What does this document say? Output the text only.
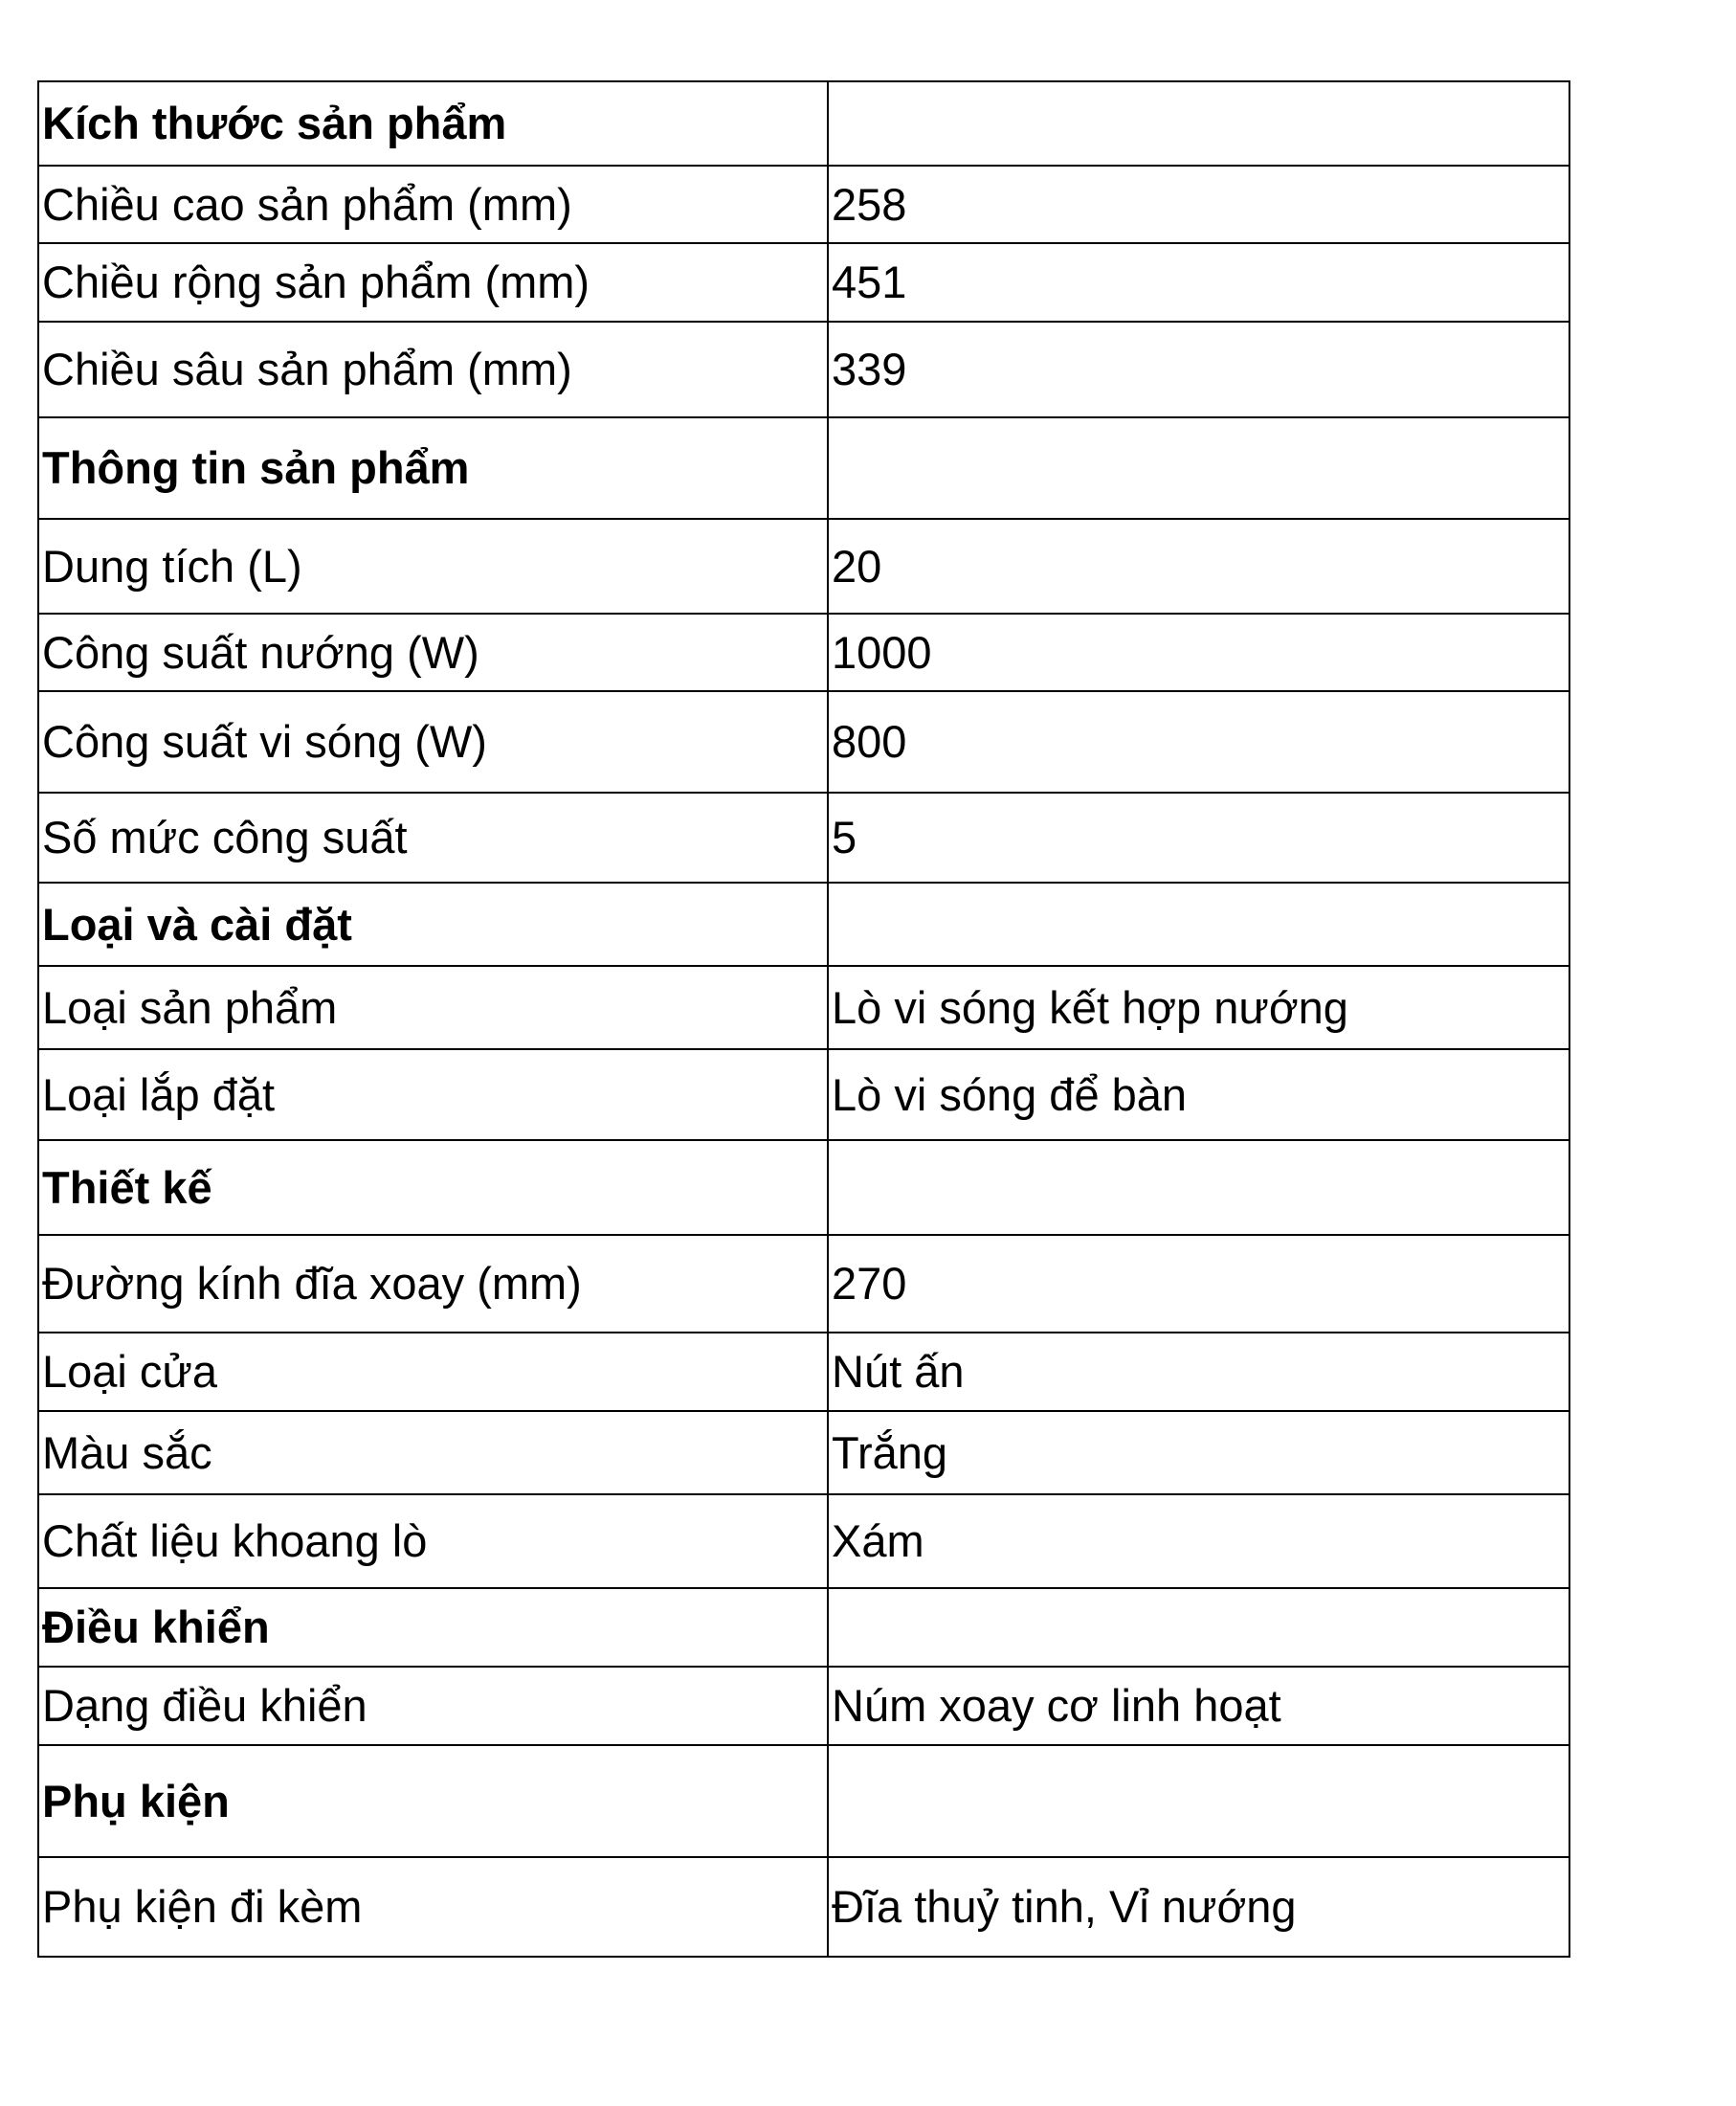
Kích thước sản phẩm	
Chiều cao sản phẩm (mm)	258
Chiều rộng sản phẩm (mm)	451
Chiều sâu sản phẩm (mm)	339
Thông tin sản phẩm	
Dung tích (L)	20
Công suất nướng (W)	1000
Công suất vi sóng (W)	800
Số mức công suất	5
Loại và cài đặt	
Loại sản phẩm	Lò vi sóng kết hợp nướng
Loại lắp đặt	Lò vi sóng để bàn
Thiết kế	
Đường kính đĩa xoay (mm)	270
Loại cửa	Nút ấn
Màu sắc	Trắng
Chất liệu khoang lò	Xám
Điều khiển	
Dạng điều khiển	Núm xoay cơ linh hoạt
Phụ kiện	
Phụ kiện đi kèm	Đĩa thuỷ tinh, Vỉ nướng
